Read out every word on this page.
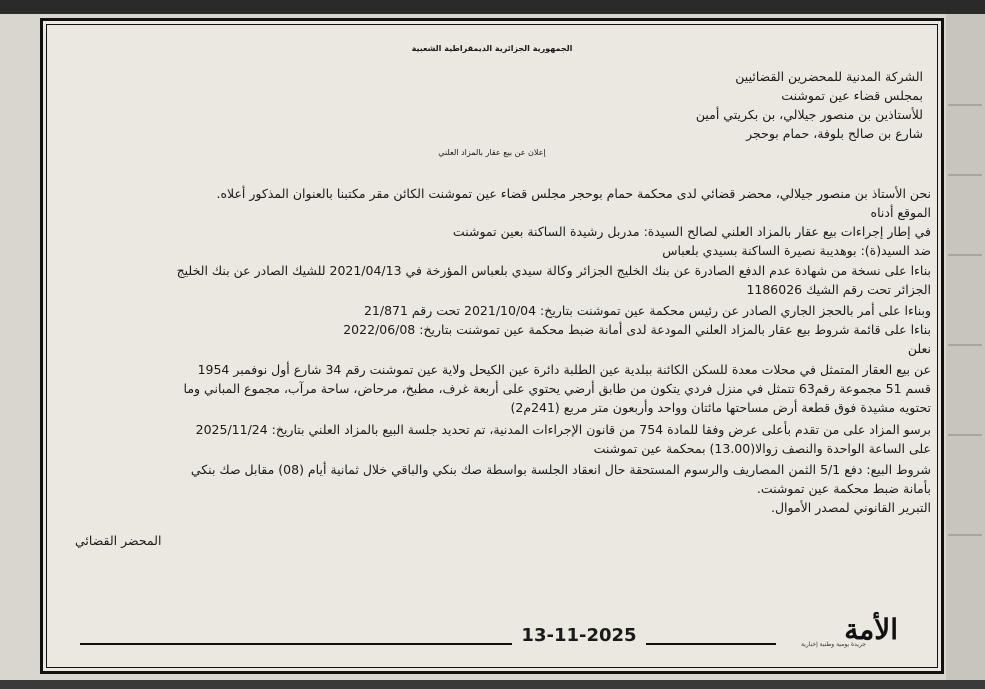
الجمهورية الجزائرية الديمقراطية الشعبية
الشركة المدنية للمحضرين القضائيين
بمجلس قضاء عين تموشنت
للأستاذين بن منصور جيلالي، بن بكريتي أمين
شارع بن صالح بلوفة، حمام بوحجر
إعلان عن بيع عقار بالمزاد العلني
نحن الأستاذ بن منصور جيلالي، محضر قضائي لدى محكمة حمام بوحجر مجلس قضاء عين تموشنت الكائن مقر مكتبنا بالعنوان المذكور أعلاه.
الموقع أدناه
في إطار إجراءات بيع عقار بالمزاد العلني لصالح السيدة: مدربل رشيدة الساكنة بعين تموشنت
ضد السيد(ة): بوهديبة نصيرة الساكنة بسيدي بلعباس
بناءا على نسخة من شهادة عدم الدفع الصادرة عن بنك الخليج الجزائر وكالة سيدي بلعباس المؤرخة في 2021/04/13 للشيك الصادر عن بنك الخليج
الجزائر تحت رقم الشيك 1186026
وبناءا على أمر بالحجز الجاري الصادر عن رئيس محكمة عين تموشنت بتاريخ: 2021/10/04 تحت رقم 21/871
بناءا على قائمة شروط بيع عقار بالمزاد العلني المودعة لدى أمانة ضبط محكمة عين تموشنت بتاريخ: 2022/06/08
نعلن
عن بيع العقار المتمثل في محلات معدة للسكن الكائنة ببلدية عين الطلبة دائرة عين الكيحل ولاية عين تموشنت رقم 34 شارع أول نوفمبر 1954
قسم 51 مجموعة رقم63 تتمثل في منزل فردي يتكون من طابق أرضي يحتوي على أربعة غرف، مطبخ، مرحاض، ساحة مرآب، مجموع المباني وما
تحتويه مشيدة فوق قطعة أرض مساحتها مائتان وواحد وأربعون متر مربع (241م2)
برسو المزاد على من تقدم بأعلى عرض وفقا للمادة 754 من قانون الإجراءات المدنية، تم تحديد جلسة البيع بالمزاد العلني بتاريخ: 2025/11/24
على الساعة الواحدة والنصف زوالا(13.00) بمحكمة عين تموشنت
شروط البيع: دفع 5/1 الثمن المصاريف والرسوم المستحقة حال انعقاد الجلسة بواسطة صك بنكي والباقي خلال ثمانية أيام (08) مقابل صك بنكي
بأمانة ضبط محكمة عين تموشنت.
التبرير القانوني لمصدر الأموال.
المحضر القضائي
13-11-2025	الأمة
جريدة يومية وطنية إخبارية
